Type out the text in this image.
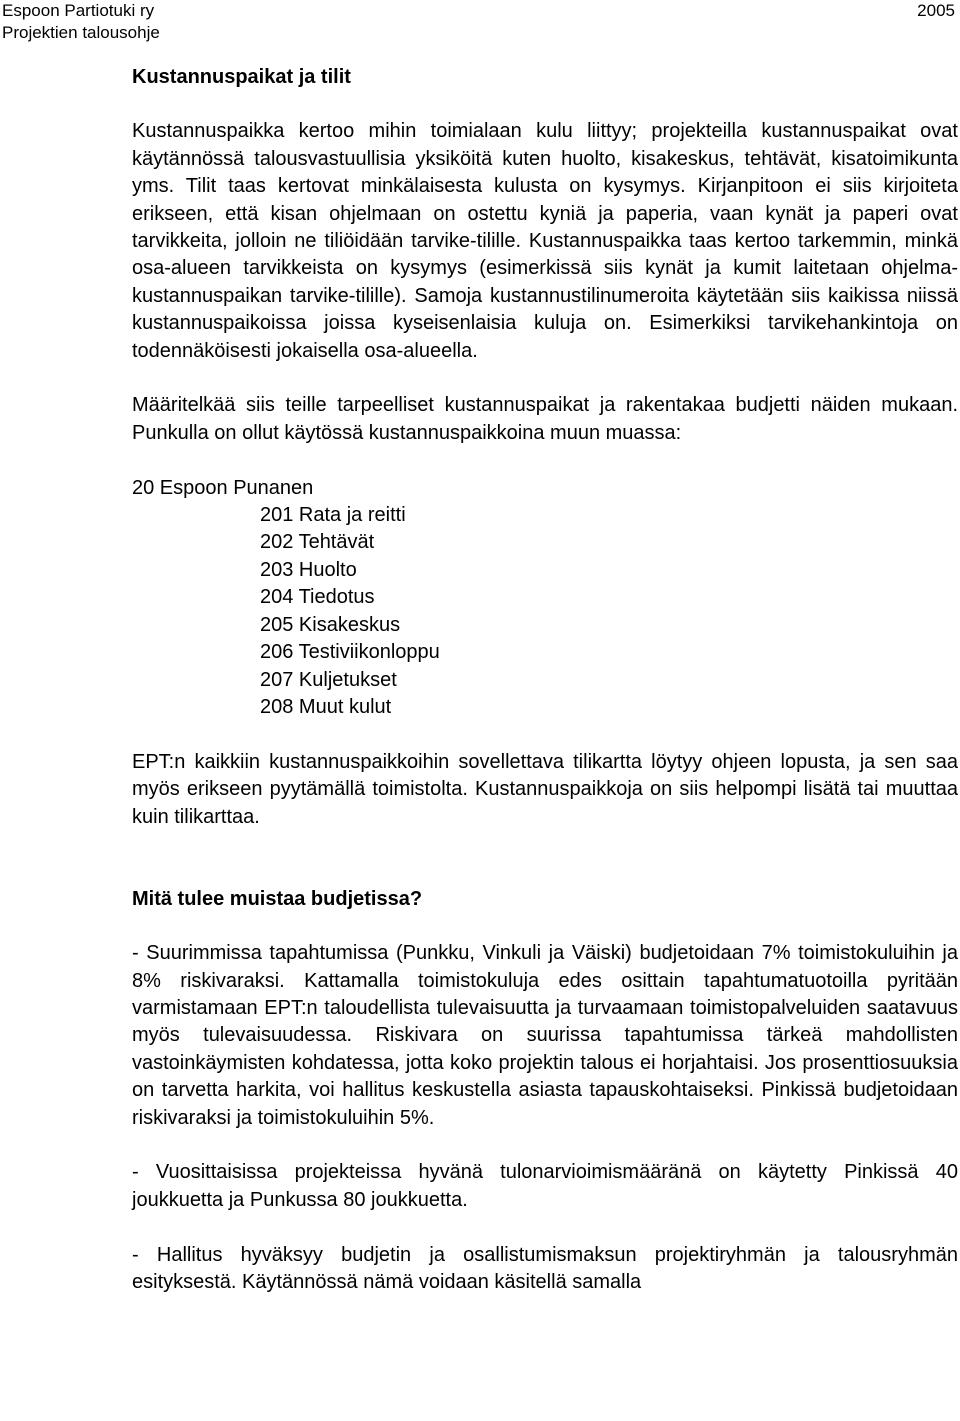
Espoon Partiotuki ry
Projektien talousohje
2005
Kustannuspaikat ja tilit

Kustannuspaikka kertoo mihin toimialaan kulu liittyy; projekteilla kustannuspaikat ovat käytännössä talousvastuullisia yksiköitä kuten huolto, kisakeskus, tehtävät, kisatoimikunta yms. Tilit taas kertovat minkälaisesta kulusta on kysymys. Kirjanpitoon ei siis kirjoiteta erikseen, että kisan ohjelmaan on ostettu kyniä ja paperia, vaan kynät ja paperi ovat tarvikkeita, jolloin ne tiliöidään tarvike-tilille. Kustannuspaikka taas kertoo tarkemmin, minkä osa-alueen tarvikkeista on kysymys (esimerkissä siis kynät ja kumit laitetaan ohjelma-kustannuspaikan tarvike-tilille). Samoja kustannustilinumeroita käytetään siis kaikissa niissä kustannuspaikoissa joissa kyseisenlaisia kuluja on. Esimerkiksi tarvikehankintoja on todennäköisesti jokaisella osa-alueella.

Määritelkää siis teille tarpeelliset kustannuspaikat ja rakentakaa budjetti näiden mukaan. Punkulla on ollut käytössä kustannuspaikkoina muun muassa:

20 Espoon Punanen
201 Rata ja reitti
202 Tehtävät
203 Huolto
204 Tiedotus
205 Kisakeskus
206 Testiviikonloppu
207 Kuljetukset
208 Muut kulut

EPT:n kaikkiin kustannuspaikkoihin sovellettava tilikartta löytyy ohjeen lopusta, ja sen saa myös erikseen pyytämällä toimistolta. Kustannuspaikkoja on siis helpompi lisätä tai muuttaa kuin tilikarttaa.

Mitä tulee muistaa budjetissa?

- Suurimmissa tapahtumissa (Punkku, Vinkuli ja Väiski) budjetoidaan 7% toimistokuluihin ja 8% riskivaraksi. Kattamalla toimistokuluja edes osittain tapahtumatuotoilla pyritään varmistamaan EPT:n taloudellista tulevaisuutta ja turvaamaan toimistopalveluiden saatavuus myös tulevaisuudessa. Riskivara on suurissa tapahtumissa tärkeä mahdollisten vastoinkäymisten kohdatessa, jotta koko projektin talous ei horjahtaisi. Jos prosenttiosuuksia on tarvetta harkita, voi hallitus keskustella asiasta tapauskohtaiseksi. Pinkissä budjetoidaan riskivaraksi ja toimistokuluihin 5%.

- Vuosittaisissa projekteissa hyvänä tulonarvioimismääränä on käytetty Pinkissä 40 joukkuetta ja Punkussa 80 joukkuetta.

- Hallitus hyväksyy budjetin ja osallistumismaksun projektiryhmän ja talousryhmän esityksestä. Käytännössä nämä voidaan käsitellä samalla
